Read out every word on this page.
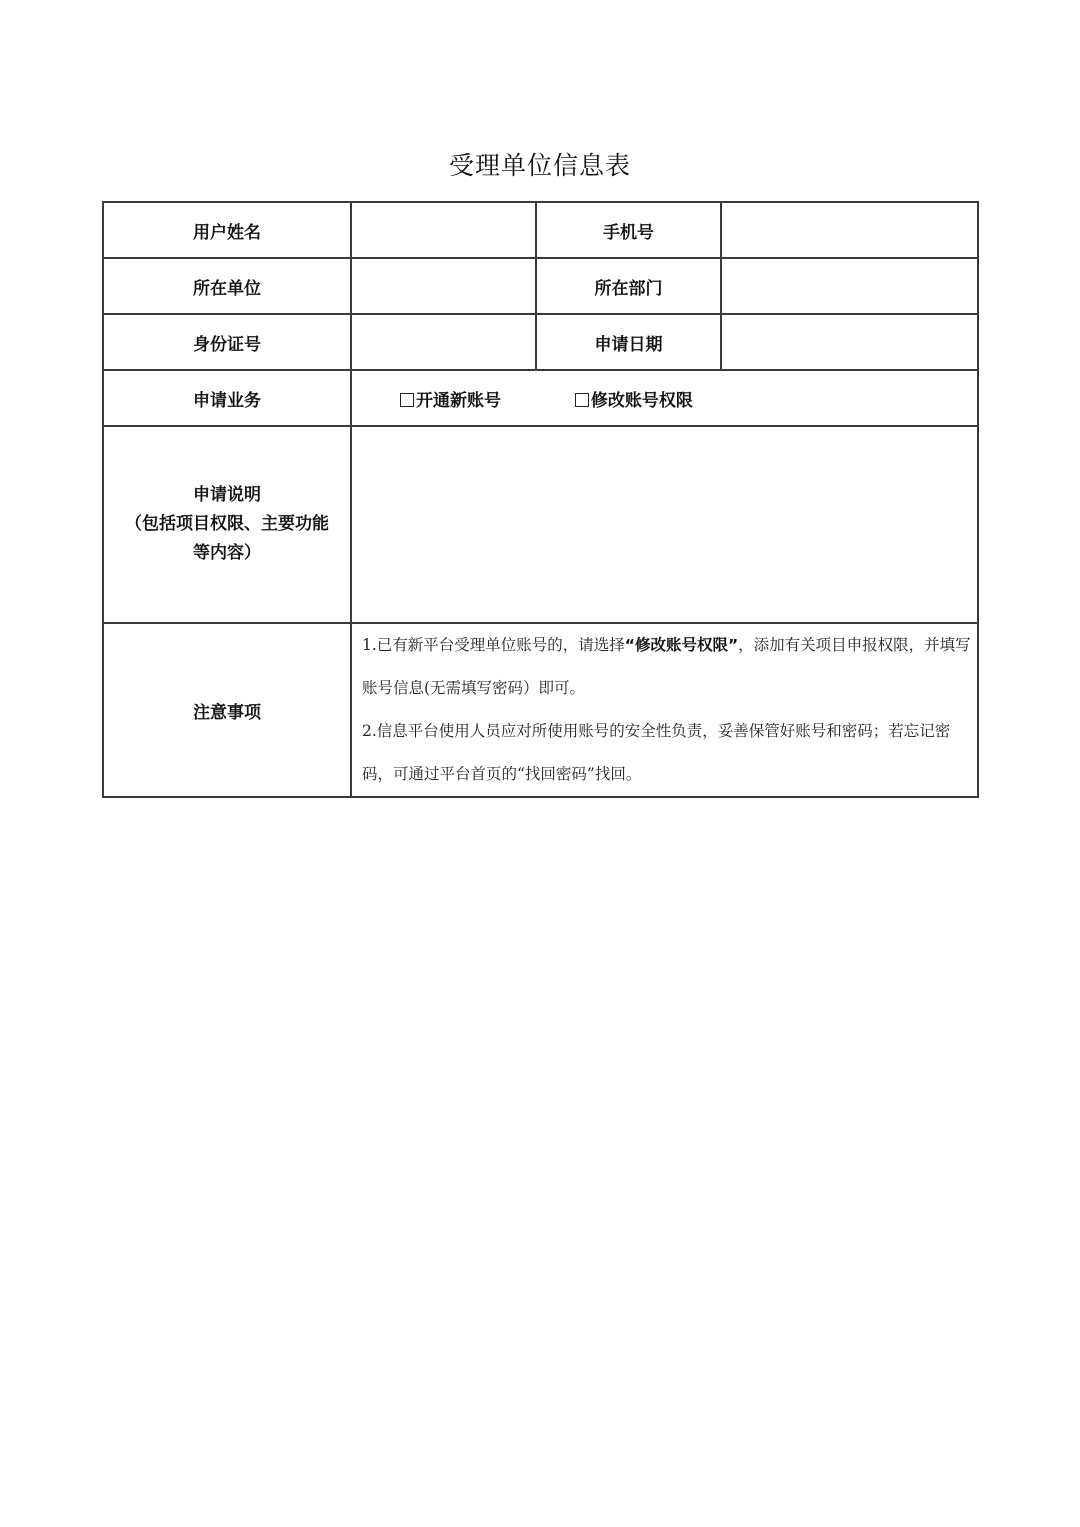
受理单位信息表
用户姓名		手机号	
所在单位		所在部门	
身份证号		申请日期	
申请业务	开通新账号 修改账号权限		

申请说明
（包括项目权限、主要功能
等内容）			

注意事项	1.已有新平台受理单位账号的，请选择“修改账号权限”，添加有关项目申报权限，并填写账号信息(无需填写密码）即可。

2.信息平台使用人员应对所使用账号的安全性负责，妥善保管好账号和密码；若忘记密码，可通过平台首页的“找回密码”找回。		
